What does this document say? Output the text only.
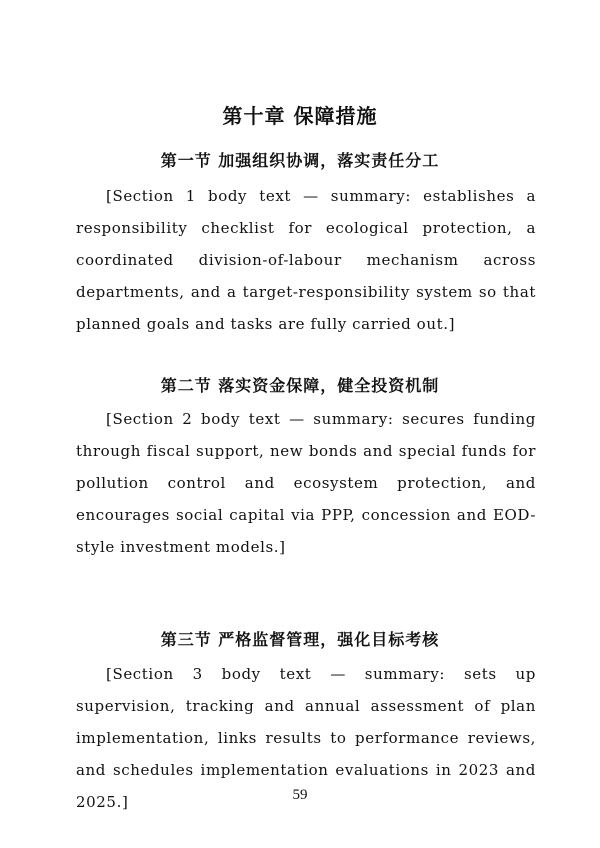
第十章 保障措施
第一节 加强组织协调，落实责任分工

[Section 1 body text — summary: establishes a responsibility checklist for ecological protection, a coordinated division-of-labour mechanism across departments, and a target-responsibility system so that planned goals and tasks are fully carried out.]

第二节 落实资金保障，健全投资机制

[Section 2 body text — summary: secures funding through fiscal support, new bonds and special funds for pollution control and ecosystem protection, and encourages social capital via PPP, concession and EOD-style investment models.]

第三节 严格监督管理，强化目标考核

[Section 3 body text — summary: sets up supervision, tracking and annual assessment of plan implementation, links results to performance reviews, and schedules implementation evaluations in 2023 and 2025.]	59
